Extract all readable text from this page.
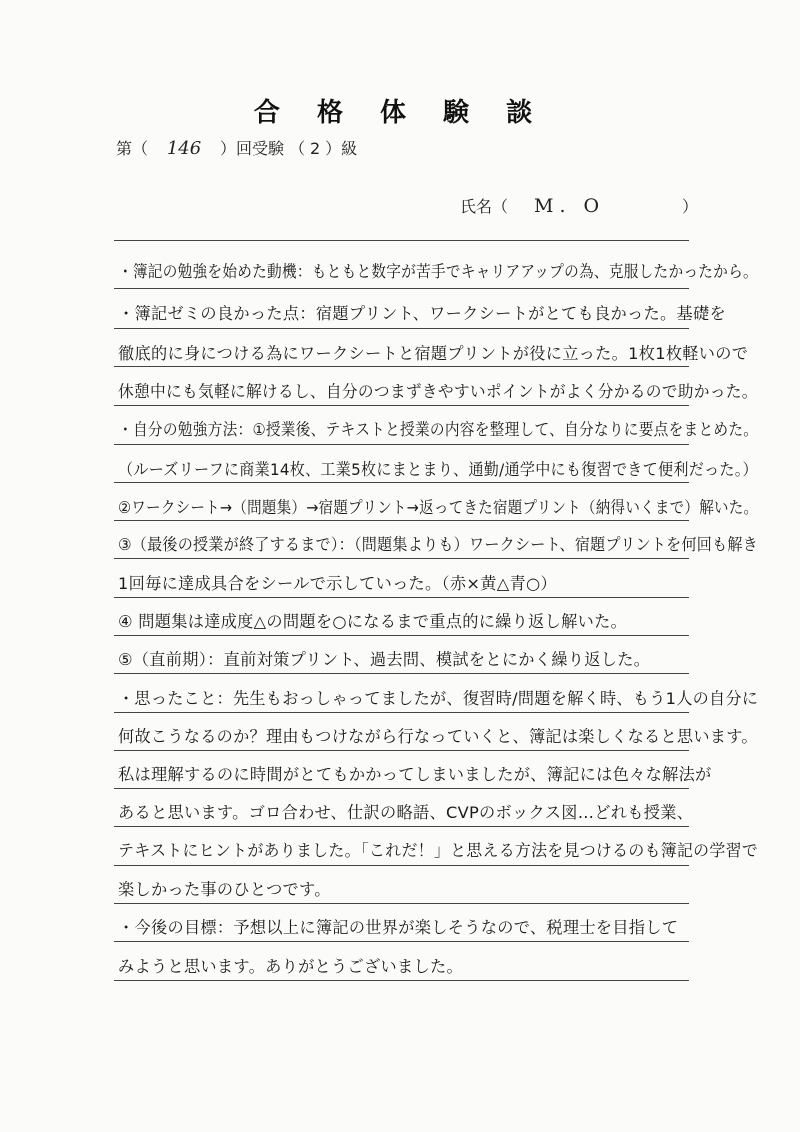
合 格 体 験 談
第（ 146 ）回受験 （ 2 ）級
氏名（ M. O	）
・簿記の勉強を始めた動機：もともと数字が苦手でキャリアアップの為、克服したかったから。
・簿記ゼミの良かった点：宿題プリント、ワークシートがとても良かった。基礎を
徹底的に身につける為にワークシートと宿題プリントが役に立った。1枚1枚軽いので
休憩中にも気軽に解けるし、自分のつまずきやすいポイントがよく分かるので助かった。
・自分の勉強方法：①授業後、テキストと授業の内容を整理して、自分なりに要点をまとめた。
（ルーズリーフに商業14枚、工業5枚にまとまり、通勤/通学中にも復習できて便利だった。）
②ワークシート→（問題集）→宿題プリント→返ってきた宿題プリント（納得いくまで）解いた。
③（最後の授業が終了するまで）：（問題集よりも）ワークシート、宿題プリントを何回も解き
1回毎に達成具合をシールで示していった。（赤×黄△青○）
④ 問題集は達成度△の問題を○になるまで重点的に繰り返し解いた。
⑤（直前期）：直前対策プリント、過去問、模試をとにかく繰り返した。
・思ったこと：先生もおっしゃってましたが、復習時/問題を解く時、もう1人の自分に
何故こうなるのか？理由もつけながら行なっていくと、簿記は楽しくなると思います。
私は理解するのに時間がとてもかかってしまいましたが、簿記には色々な解法が
あると思います。ゴロ合わせ、仕訳の略語、CVPのボックス図…どれも授業、
テキストにヒントがありました。「これだ！」と思える方法を見つけるのも簿記の学習で
楽しかった事のひとつです。
・今後の目標：予想以上に簿記の世界が楽しそうなので、税理士を目指して
みようと思います。ありがとうございました。
